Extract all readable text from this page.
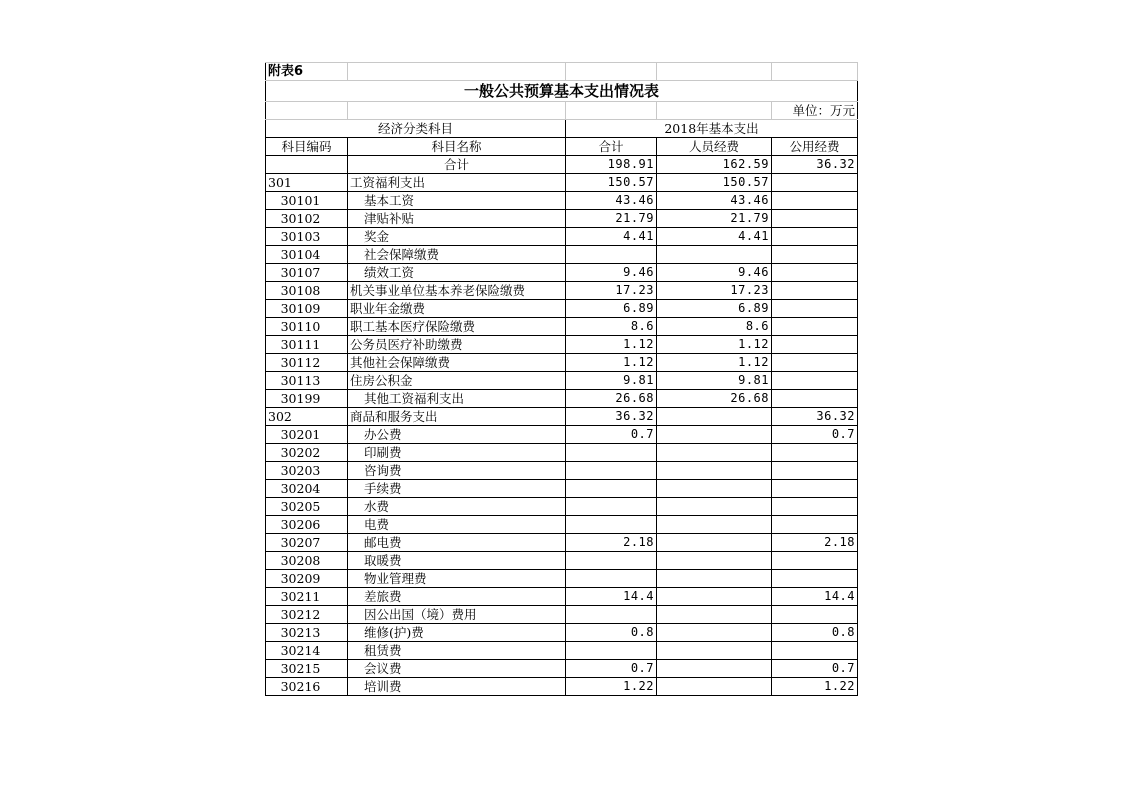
附表6				
一般公共预算基本支出情况表				
				单位：万元
经济分类科目		2018年基本支出		
科目编码	科目名称	合计	人员经费	公用经费
	合计	198.91	162.59	36.32
301	工资福利支出	150.57	150.57	
30101	基本工资	43.46	43.46	
30102	津贴补贴	21.79	21.79	
30103	奖金	4.41	4.41	
30104	社会保障缴费			
30107	绩效工资	9.46	9.46	
30108	机关事业单位基本养老保险缴费	17.23	17.23	
30109	职业年金缴费	6.89	6.89	
30110	职工基本医疗保险缴费	8.6	8.6	
30111	公务员医疗补助缴费	1.12	1.12	
30112	其他社会保障缴费	1.12	1.12	
30113	住房公积金	9.81	9.81	
30199	其他工资福利支出	26.68	26.68	
302	商品和服务支出	36.32		36.32
30201	办公费	0.7		0.7
30202	印刷费			
30203	咨询费			
30204	手续费			
30205	水费			
30206	电费			
30207	邮电费	2.18		2.18
30208	取暖费			
30209	物业管理费			
30211	差旅费	14.4		14.4
30212	因公出国（境）费用			
30213	维修(护)费	0.8		0.8
30214	租赁费			
30215	会议费	0.7		0.7
30216	培训费	1.22		1.22
